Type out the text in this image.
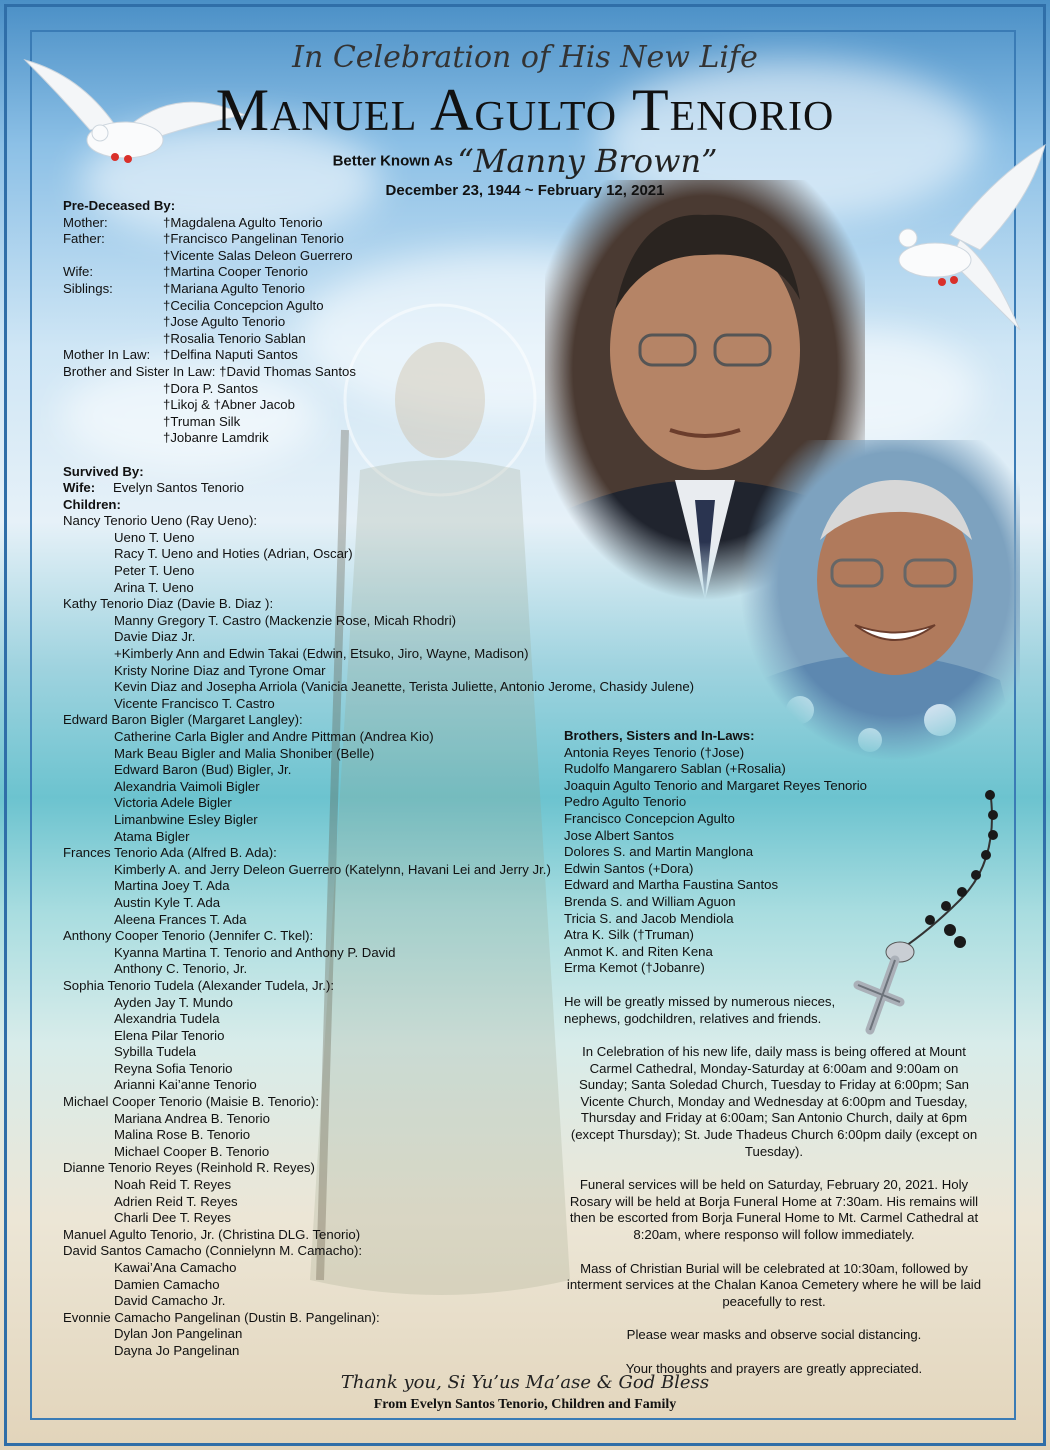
In Celebration of His New Life
Manuel Agulto Tenorio
Better Known As “Manny Brown”
December 23, 1944 ~ February 12, 2021
Pre-Deceased By:
Mother:	†Magdalena Agulto Tenorio
Father:	†Francisco Pangelinan Tenorio
†Vicente Salas Deleon Guerrero
Wife:	†Martina Cooper Tenorio
Siblings:	†Mariana Agulto Tenorio
†Cecilia Concepcion Agulto
†Jose Agulto Tenorio
†Rosalia Tenorio Sablan
Mother In Law: †Delfina Naputi Santos
Brother and Sister In Law: †David Thomas Santos
†Dora P. Santos
†Likoj & †Abner Jacob
†Truman Silk
†Jobanre Lamdrik
Survived By:
Wife:	Evelyn Santos Tenorio
Children:
Nancy Tenorio Ueno (Ray Ueno):
Ueno T. Ueno
Racy T. Ueno and Hoties (Adrian, Oscar)
Peter T. Ueno
Arina T. Ueno
Kathy Tenorio Diaz (Davie B. Diaz ):
Manny Gregory T. Castro (Mackenzie Rose, Micah Rhodri)
Davie Diaz Jr.
+Kimberly Ann and Edwin Takai (Edwin, Etsuko, Jiro, Wayne, Madison)
Kristy Norine Diaz and Tyrone Omar
Kevin Diaz and Josepha Arriola (Vanicia Jeanette, Terista Juliette, Antonio Jerome, Chasidy Julene)
Vicente Francisco T. Castro
Edward Baron Bigler (Margaret Langley):
Catherine Carla Bigler and Andre Pittman (Andrea Kio)
Mark Beau Bigler and Malia Shoniber (Belle)
Edward Baron (Bud) Bigler, Jr.
Alexandria Vaimoli Bigler
Victoria Adele Bigler
Limanbwine Esley Bigler
Atama Bigler
Frances Tenorio Ada (Alfred B. Ada):
Kimberly A. and Jerry Deleon Guerrero (Katelynn, Havani Lei and Jerry Jr.)
Martina Joey T. Ada
Austin Kyle T. Ada
Aleena Frances T. Ada
Anthony Cooper Tenorio (Jennifer C. Tkel):
Kyanna Martina T. Tenorio and Anthony P. David
Anthony C. Tenorio, Jr.
Sophia Tenorio Tudela (Alexander Tudela, Jr.):
Ayden Jay T. Mundo
Alexandria Tudela
Elena Pilar Tenorio
Sybilla Tudela
Reyna Sofia Tenorio
Arianni Kai’anne Tenorio
Michael Cooper Tenorio (Maisie B. Tenorio):
Mariana Andrea B. Tenorio
Malina Rose B. Tenorio
Michael Cooper B. Tenorio
Dianne Tenorio Reyes (Reinhold R. Reyes)
Noah Reid T. Reyes
Adrien Reid T. Reyes
Charli Dee T. Reyes
Manuel Agulto Tenorio, Jr. (Christina DLG. Tenorio)
David Santos Camacho (Connielynn M. Camacho):
Kawai’Ana Camacho
Damien Camacho
David Camacho Jr.
Evonnie Camacho Pangelinan (Dustin B. Pangelinan):
Dylan Jon Pangelinan
Dayna Jo Pangelinan
Brothers, Sisters and In-Laws:
Antonia Reyes Tenorio (†Jose)
Rudolfo Mangarero Sablan (+Rosalia)
Joaquin Agulto Tenorio and Margaret Reyes Tenorio
Pedro Agulto Tenorio
Francisco Concepcion Agulto
Jose Albert Santos
Dolores S. and Martin Manglona
Edwin Santos (+Dora)
Edward and Martha Faustina Santos
Brenda S. and William Aguon
Tricia S. and Jacob Mendiola
Atra K. Silk (†Truman)
Anmot K. and Riten Kena
Erma Kemot (†Jobanre)
He will be greatly missed by numerous nieces, nephews, godchildren, relatives and friends.
In Celebration of his new life, daily mass is being offered at Mount Carmel Cathedral, Monday-Saturday at 6:00am and 9:00am on Sunday; Santa Soledad Church, Tuesday to Friday at 6:00pm; San Vicente Church, Monday and Wednesday at 6:00pm and Tuesday, Thursday and Friday at 6:00am; San Antonio Church, daily at 6pm (except Thursday); St. Jude Thadeus Church 6:00pm daily (except on Tuesday).
Funeral services will be held on Saturday, February 20, 2021. Holy Rosary will be held at Borja Funeral Home at 7:30am. His remains will then be escorted from Borja Funeral Home to Mt. Carmel Cathedral at 8:20am, where responso will follow immediately.
Mass of Christian Burial will be celebrated at 10:30am, followed by interment services at the Chalan Kanoa Cemetery where he will be laid peacefully to rest.
Please wear masks and observe social distancing.
Your thoughts and prayers are greatly appreciated.
Thank you, Si Yu’us Ma’ase & God Bless
From Evelyn Santos Tenorio, Children and Family
